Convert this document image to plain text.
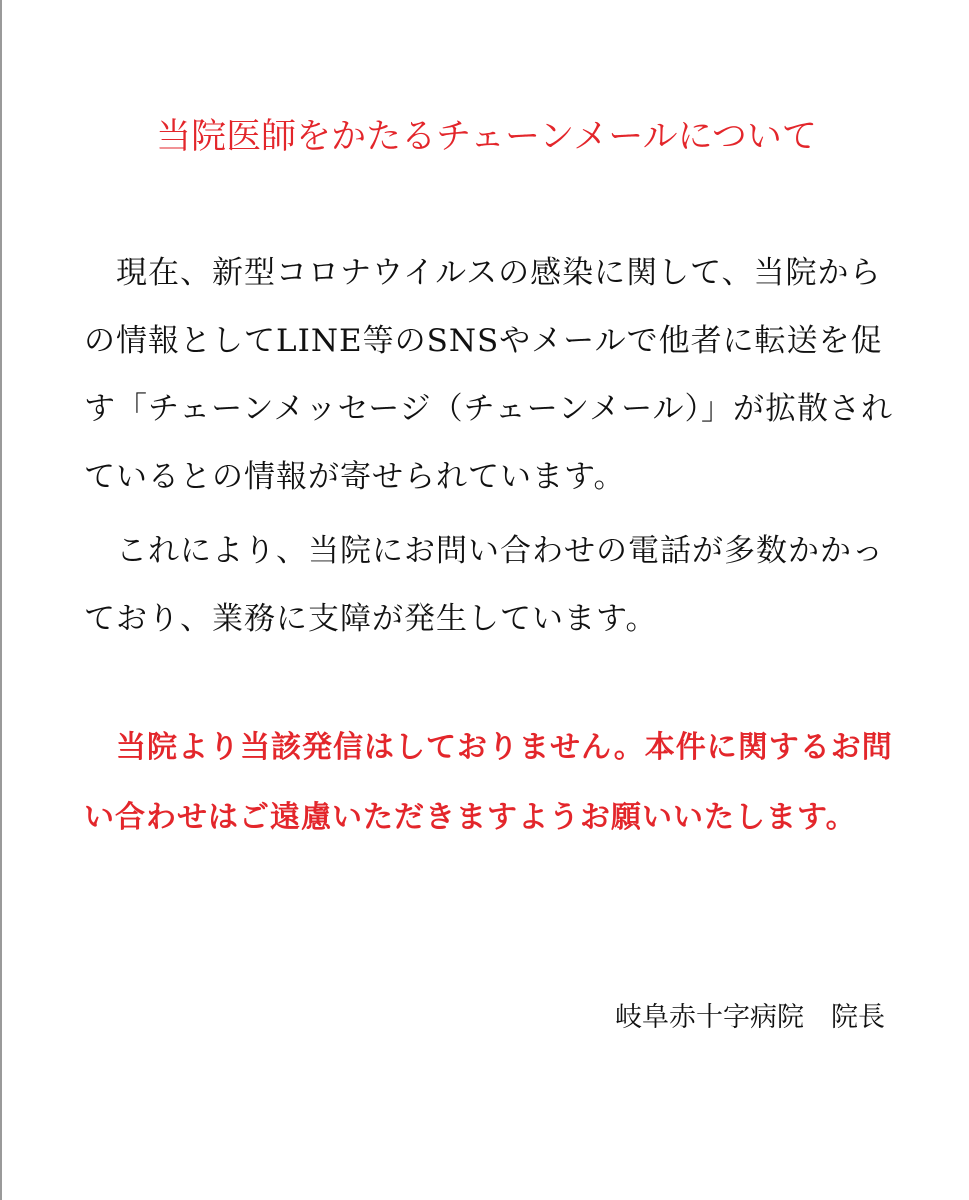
当院医師をかたるチェーンメールについて

現在、新型コロナウイルスの感染に関して、当院からの情報としてLINE等のSNSやメールで他者に転送を促す「チェーンメッセージ（チェーンメール）」が拡散されているとの情報が寄せられています。

これにより、当院にお問い合わせの電話が多数かかっており、業務に支障が発生しています。

当院より当該発信はしておりません。本件に関するお問い合わせはご遠慮いただきますようお願いいたします。

岐阜赤十字病院　院長
